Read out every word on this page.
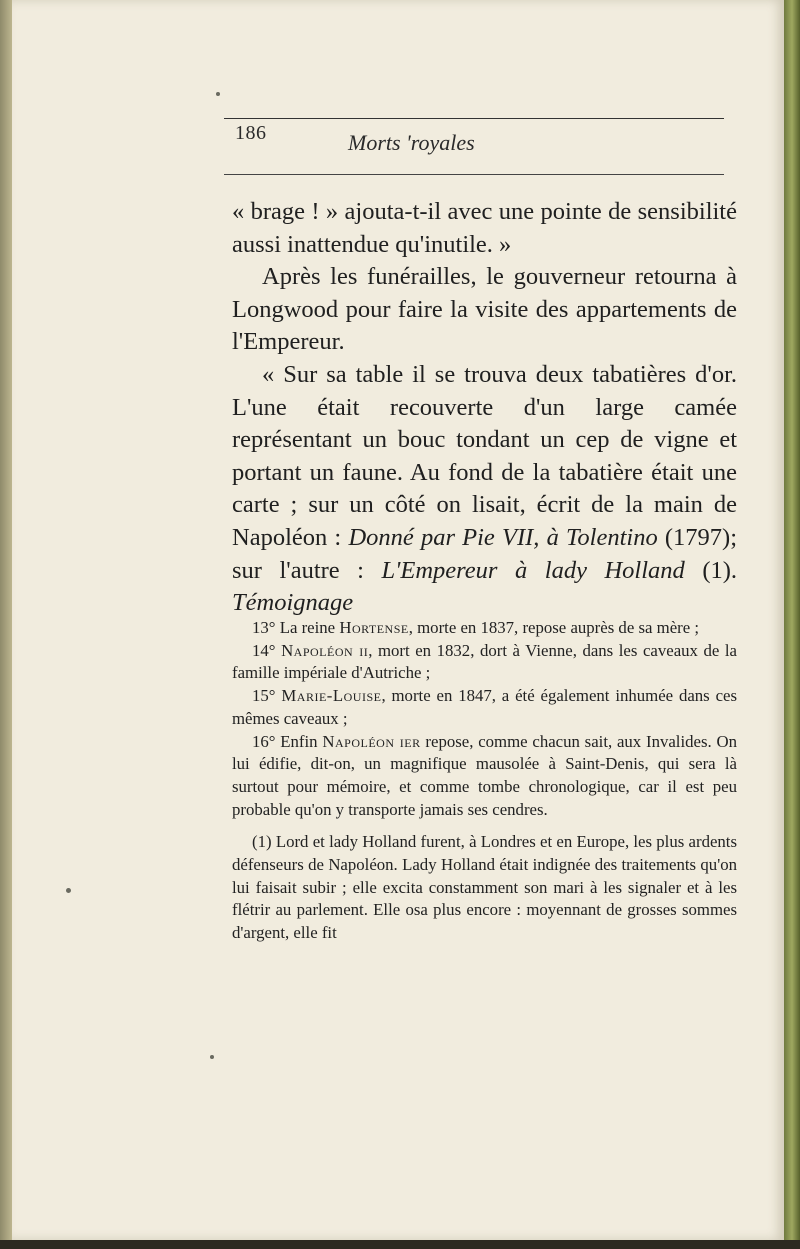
186	Morts 'royales

« brage ! » ajouta-t-il avec une pointe de sensibilité aussi inattendue qu'inutile. »

Après les funérailles, le gouverneur retourna à Longwood pour faire la visite des appartements de l'Empereur.

« Sur sa table il se trouva deux tabatières d'or. L'une était recouverte d'un large camée représentant un bouc tondant un cep de vigne et portant un faune. Au fond de la tabatière était une carte ; sur un côté on lisait, écrit de la main de Napoléon : Donné par Pie VII, à Tolentino (1797); sur l'autre : L'Empereur à lady Holland (1). Témoignage

13° La reine Hortense, morte en 1837, repose auprès de sa mère ;

14° Napoléon ii, mort en 1832, dort à Vienne, dans les caveaux de la famille impériale d'Autriche ;

15° Marie-Louise, morte en 1847, a été également inhumée dans ces mêmes caveaux ;

16° Enfin Napoléon ier repose, comme chacun sait, aux Invalides. On lui édifie, dit-on, un magnifique mausolée à Saint-Denis, qui sera là surtout pour mémoire, et comme tombe chronologique, car il est peu probable qu'on y transporte jamais ses cendres.

(1) Lord et lady Holland furent, à Londres et en Europe, les plus ardents défenseurs de Napoléon. Lady Holland était indignée des traitements qu'on lui faisait subir ; elle excita constamment son mari à les signaler et à les flétrir au parlement. Elle osa plus encore : moyennant de grosses sommes d'argent, elle fit
